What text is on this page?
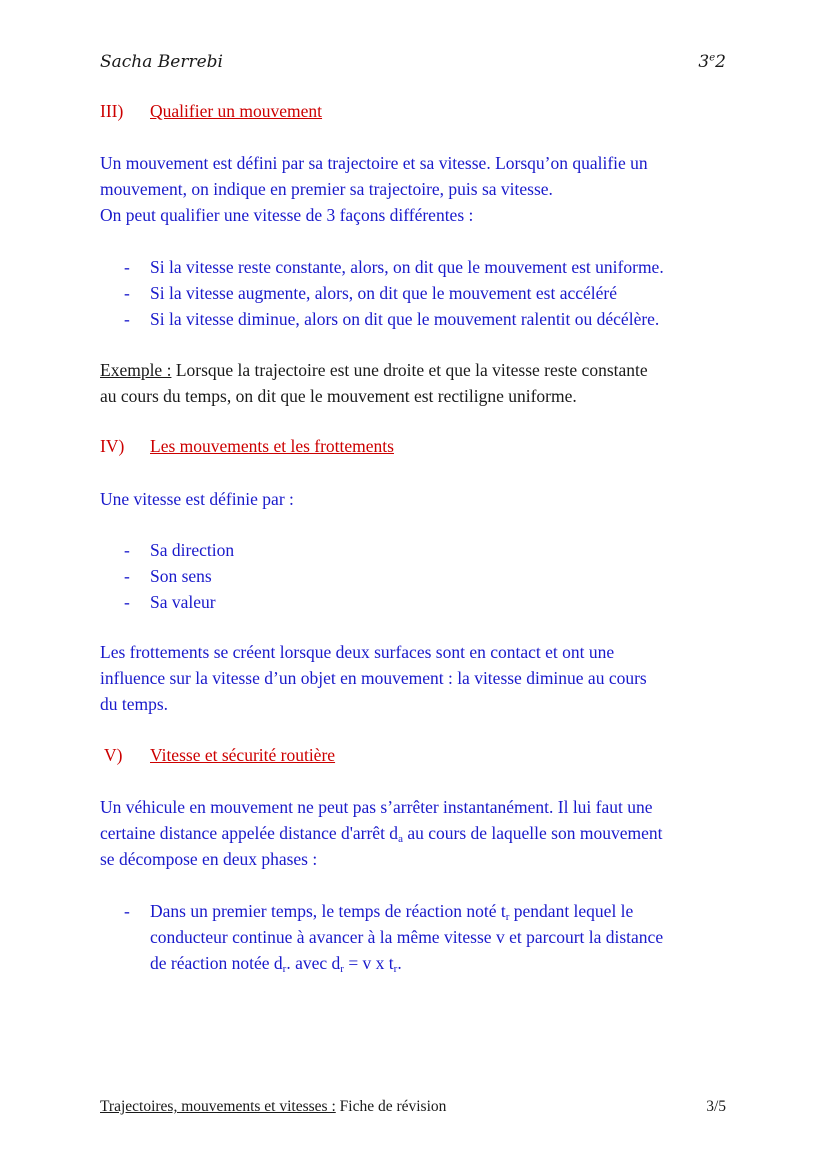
Sacha Berrebi	3e2
III) Qualifier un mouvement
Un mouvement est défini par sa trajectoire et sa vitesse. Lorsqu’on qualifie un
mouvement, on indique en premier sa trajectoire, puis sa vitesse.
On peut qualifier une vitesse de 3 façons différentes :
- Si la vitesse reste constante, alors, on dit que le mouvement est uniforme.
- Si la vitesse augmente, alors, on dit que le mouvement est accéléré
- Si la vitesse diminue, alors on dit que le mouvement ralentit ou décélère.
Exemple : Lorsque la trajectoire est une droite et que la vitesse reste constante
au cours du temps, on dit que le mouvement est rectiligne uniforme.
IV) Les mouvements et les frottements
Une vitesse est définie par :
- Sa direction
- Son sens
- Sa valeur
Les frottements se créent lorsque deux surfaces sont en contact et ont une
influence sur la vitesse d’un objet en mouvement : la vitesse diminue au cours
du temps.
V) Vitesse et sécurité routière
Un véhicule en mouvement ne peut pas s’arrêter instantanément. Il lui faut une
certaine distance appelée distance d'arrêt $d_a$ au cours de laquelle son mouvement
se décompose en deux phases :
- Dans un premier temps, le temps de réaction noté $t_r$ pendant lequel le
conducteur continue à avancer à la même vitesse v et parcourt la distance
de réaction notée $d_r$. avec $d_r = v$ x $t_r$.
Trajectoires, mouvements et vitesses : Fiche de révision	3/5
